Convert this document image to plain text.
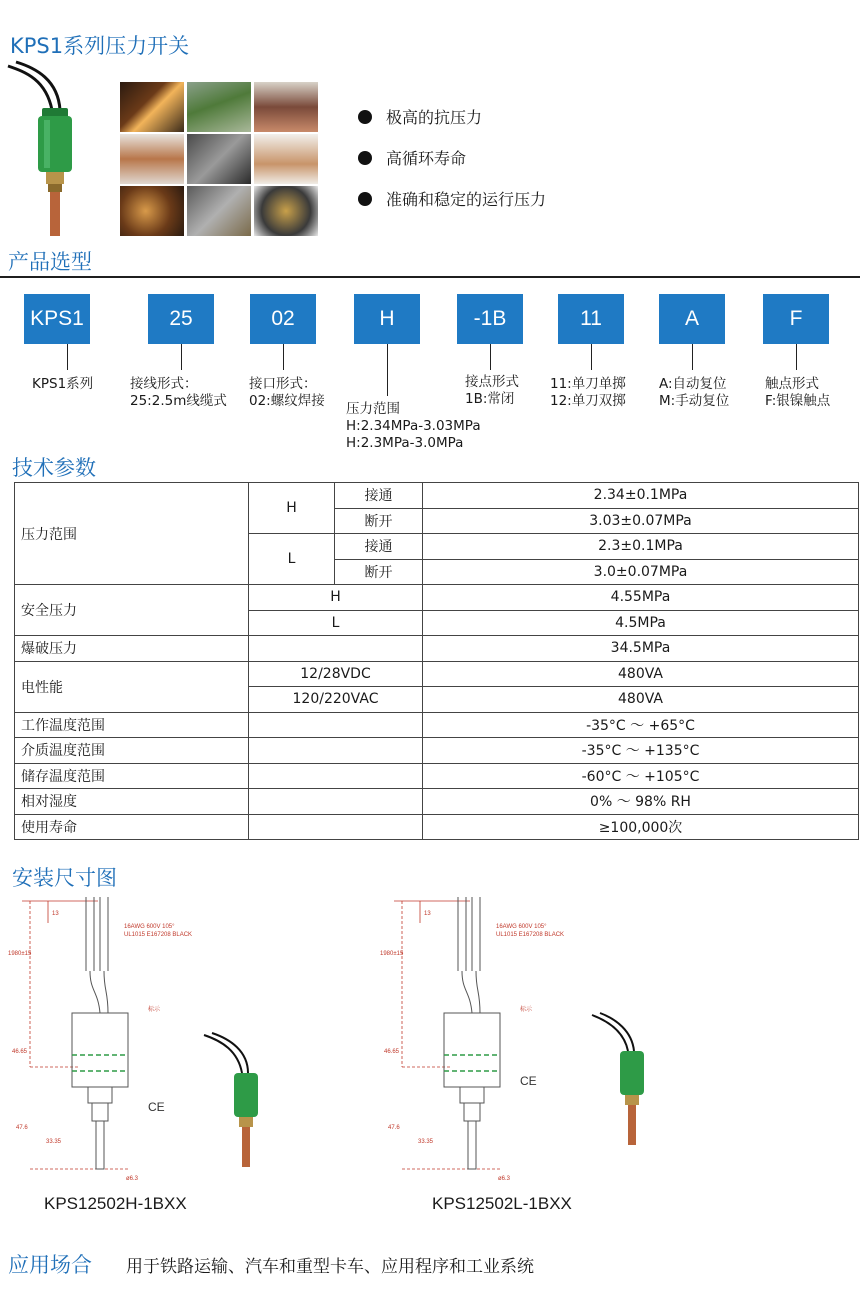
KPS1系列压力开关
极高的抗压力
高循环寿命
准确和稳定的运行压力
产品选型
KPS1	25	02	H	-1B	11	A	F
KPS1系列	接线形式：
25:2.5m线缆式
接口形式：
02:螺纹焊接 压力范围
H:2.34MPa-3.03MPa
H:2.3MPa-3.0MPa
接点形式
1B:常闭
11:单刀单掷
12:单刀双掷
A:自动复位
M:手动复位
触点形式
F:银镍触点
技术参数
压力范围	H	接通	2.34±0.1MPa
		断开	3.03±0.07MPa
	L	接通	2.3±0.1MPa
		断开	3.0±0.07MPa
安全压力	H		4.55MPa
	L		4.5MPa
爆破压力			34.5MPa
电性能	12/28VDC		480VA
	120/220VAC		480VA
工作温度范围			-35°C ～ +65°C
介质温度范围			-35°C ～ +135°C
储存温度范围			-60°C ～ +105°C
相对湿度			0% ～ 98% RH
使用寿命			≥100,000次
安装尺寸图
13
1980±15
46.65
47.6
33.35
ø6.3
16AWG 600V 105°
UL1015 E167208 BLACK
标示
CE
KPS12502H-1BXX
13
1980±15
46.65
47.6
33.35
ø6.3
16AWG 600V 105°
UL1015 E167208 BLACK
标示
CE
KPS12502L-1BXX
应用场合 用于铁路运输、汽车和重型卡车、应用程序和工业系统
